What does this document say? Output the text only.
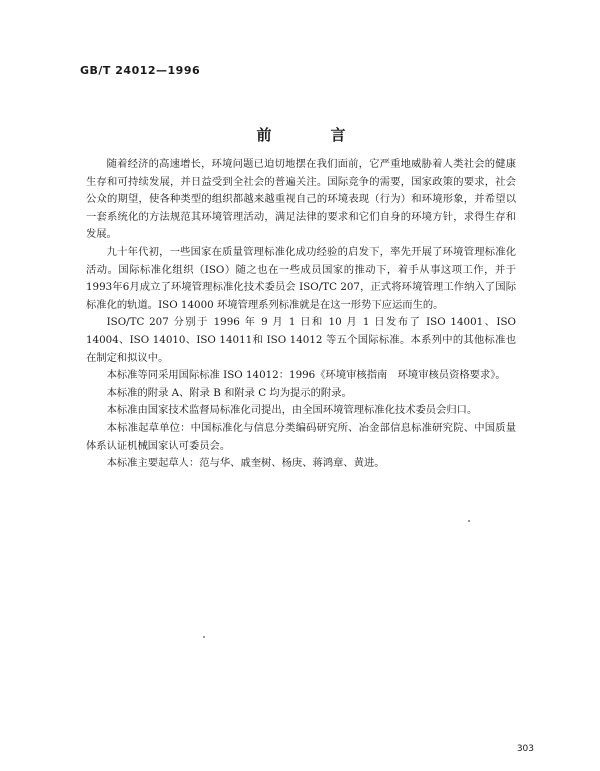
GB/T 24012—1996
前　言

随着经济的高速增长，环境问题已迫切地摆在我们面前，它严重地威胁着人类社会的健康生存和可持续发展，并日益受到全社会的普遍关注。国际竞争的需要，国家政策的要求，社会公众的期望，使各种类型的组织都越来越重视自己的环境表现（行为）和环境形象，并希望以一套系统化的方法规范其环境管理活动，满足法律的要求和它们自身的环境方针，求得生存和发展。

九十年代初，一些国家在质量管理标准化成功经验的启发下，率先开展了环境管理标准化活动。国际标准化组织（ISO）随之也在一些成员国家的推动下，着手从事这项工作，并于1993年6月成立了环境管理标准化技术委员会 ISO/TC 207，正式将环境管理工作纳入了国际标准化的轨道。ISO 14000 环境管理系列标准就是在这一形势下应运而生的。

ISO/TC 207 分别于 1996 年 9 月 1 日和 10 月 1 日发布了 ISO 14001、ISO 14004、ISO 14010、ISO 14011和 ISO 14012 等五个国际标准。本系列中的其他标准也在制定和拟议中。

本标准等同采用国际标准 ISO 14012：1996《环境审核指南　环境审核员资格要求》。

本标准的附录 A、附录 B 和附录 C 均为提示的附录。

本标准由国家技术监督局标准化司提出，由全国环境管理标准化技术委员会归口。

本标准起草单位：中国标准化与信息分类编码研究所、冶金部信息标准研究院、中国质量体系认证机械国家认可委员会。

本标准主要起草人：范与华、戚奎树、杨庚、蒋鸿章、黄进。

303
